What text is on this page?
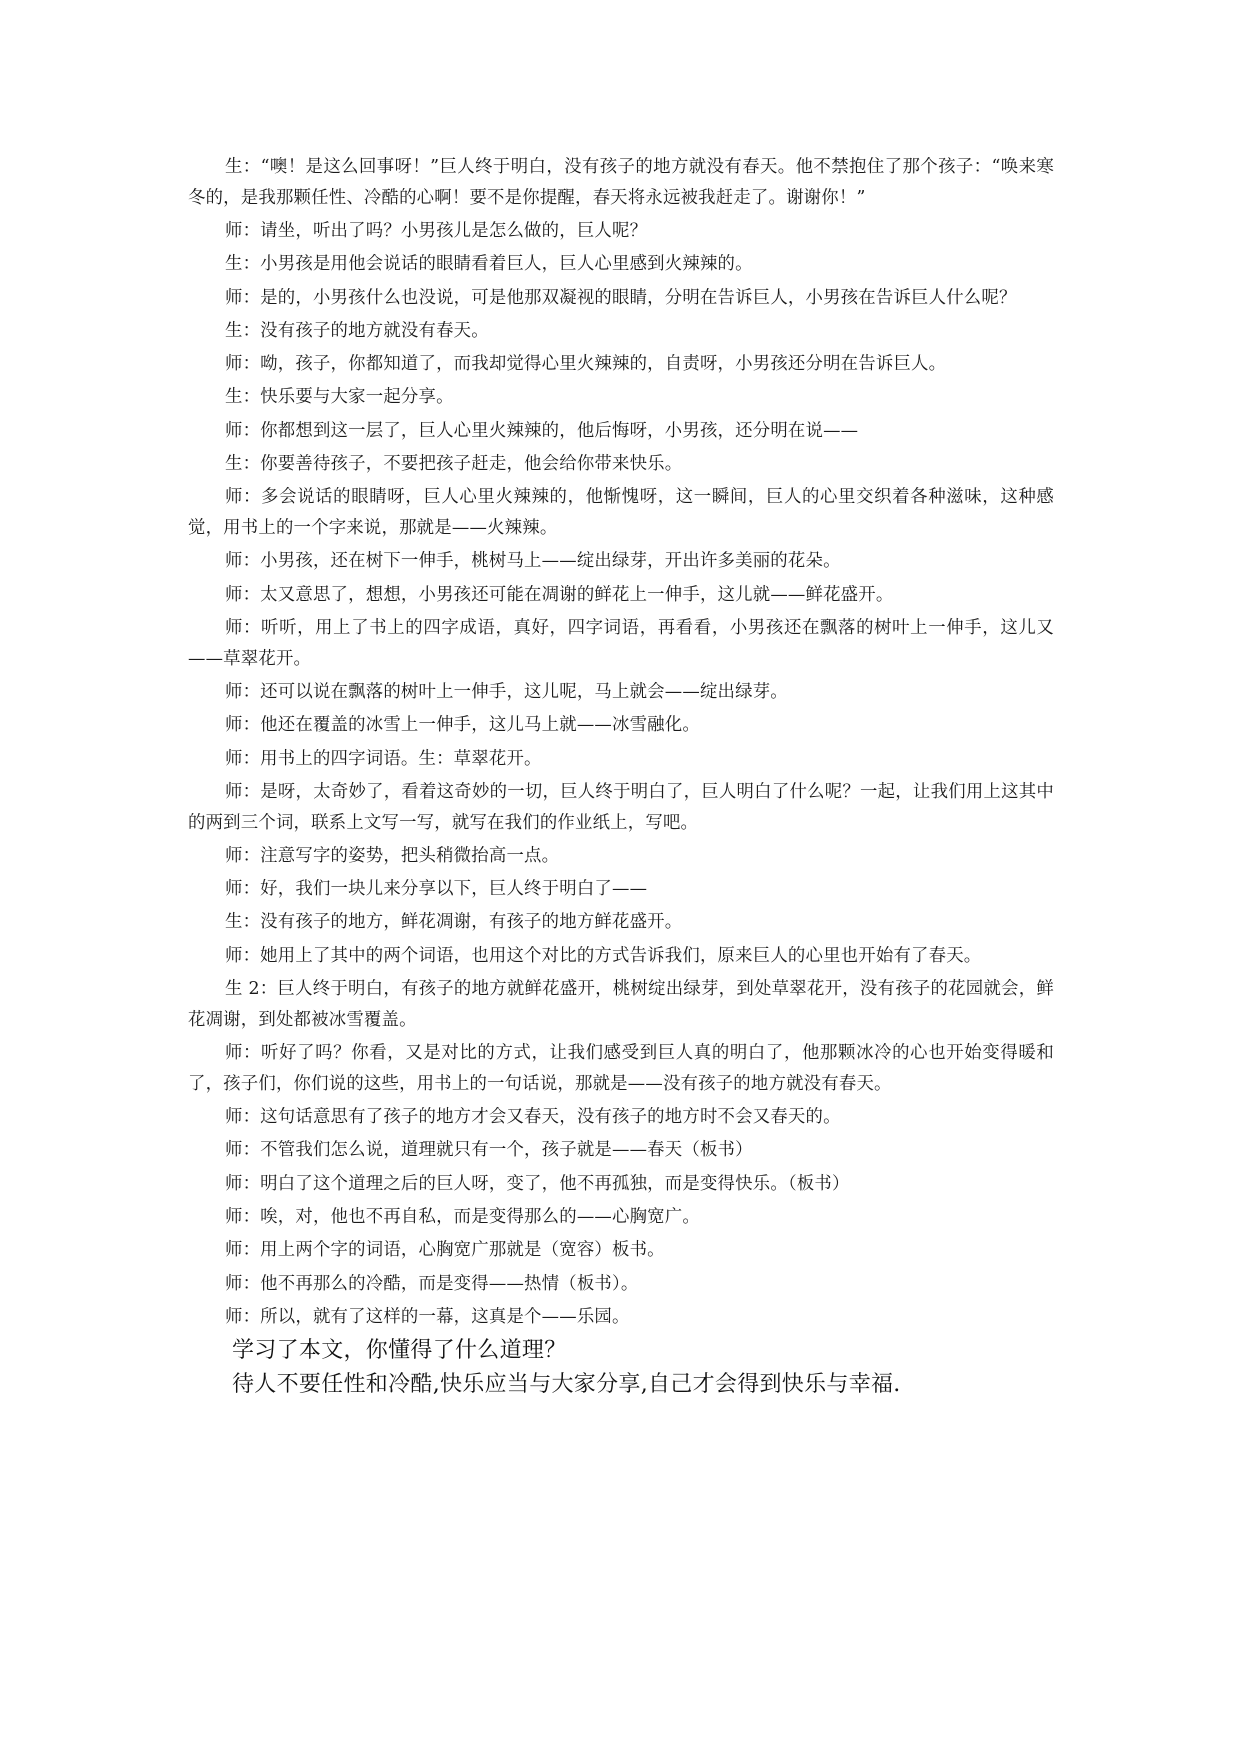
生：“噢！是这么回事呀！”巨人终于明白，没有孩子的地方就没有春天。他不禁抱住了那个孩子：“唤来寒冬的，是我那颗任性、冷酷的心啊！要不是你提醒，春天将永远被我赶走了。谢谢你！”
师：请坐，听出了吗？小男孩儿是怎么做的，巨人呢？
生：小男孩是用他会说话的眼睛看着巨人，巨人心里感到火辣辣的。
师：是的，小男孩什么也没说，可是他那双凝视的眼睛，分明在告诉巨人，小男孩在告诉巨人什么呢？
生：没有孩子的地方就没有春天。
师：呦，孩子，你都知道了，而我却觉得心里火辣辣的，自责呀，小男孩还分明在告诉巨人。
生：快乐要与大家一起分享。
师：你都想到这一层了，巨人心里火辣辣的，他后悔呀，小男孩，还分明在说——
生：你要善待孩子，不要把孩子赶走，他会给你带来快乐。
师：多会说话的眼睛呀，巨人心里火辣辣的，他惭愧呀，这一瞬间，巨人的心里交织着各种滋味，这种感觉，用书上的一个字来说，那就是——火辣辣。
师：小男孩，还在树下一伸手，桃树马上——绽出绿芽，开出许多美丽的花朵。
师：太又意思了，想想，小男孩还可能在凋谢的鲜花上一伸手，这儿就——鲜花盛开。
师：听听，用上了书上的四字成语，真好，四字词语，再看看，小男孩还在飘落的树叶上一伸手，这儿又——草翠花开。
师：还可以说在飘落的树叶上一伸手，这儿呢，马上就会——绽出绿芽。
师：他还在覆盖的冰雪上一伸手，这儿马上就——冰雪融化。
师：用书上的四字词语。生：草翠花开。
师：是呀，太奇妙了，看着这奇妙的一切，巨人终于明白了，巨人明白了什么呢？一起，让我们用上这其中的两到三个词，联系上文写一写，就写在我们的作业纸上，写吧。
师：注意写字的姿势，把头稍微抬高一点。
师：好，我们一块儿来分享以下，巨人终于明白了——
生：没有孩子的地方，鲜花凋谢，有孩子的地方鲜花盛开。
师：她用上了其中的两个词语，也用这个对比的方式告诉我们，原来巨人的心里也开始有了春天。
生 2：巨人终于明白，有孩子的地方就鲜花盛开，桃树绽出绿芽，到处草翠花开，没有孩子的花园就会，鲜花凋谢，到处都被冰雪覆盖。
师：听好了吗？你看，又是对比的方式，让我们感受到巨人真的明白了，他那颗冰冷的心也开始变得暖和了，孩子们，你们说的这些，用书上的一句话说，那就是——没有孩子的地方就没有春天。
师：这句话意思有了孩子的地方才会又春天，没有孩子的地方时不会又春天的。
师：不管我们怎么说，道理就只有一个，孩子就是——春天（板书）
师：明白了这个道理之后的巨人呀，变了，他不再孤独，而是变得快乐。（板书）
师：唉，对，他也不再自私，而是变得那么的——心胸宽广。
师：用上两个字的词语，心胸宽广那就是（宽容）板书。
师：他不再那么的冷酷，而是变得——热情（板书）。
师：所以，就有了这样的一幕，这真是个——乐园。
学习了本文，你懂得了什么道理？
待人不要任性和冷酷,快乐应当与大家分享,自己才会得到快乐与幸福.
